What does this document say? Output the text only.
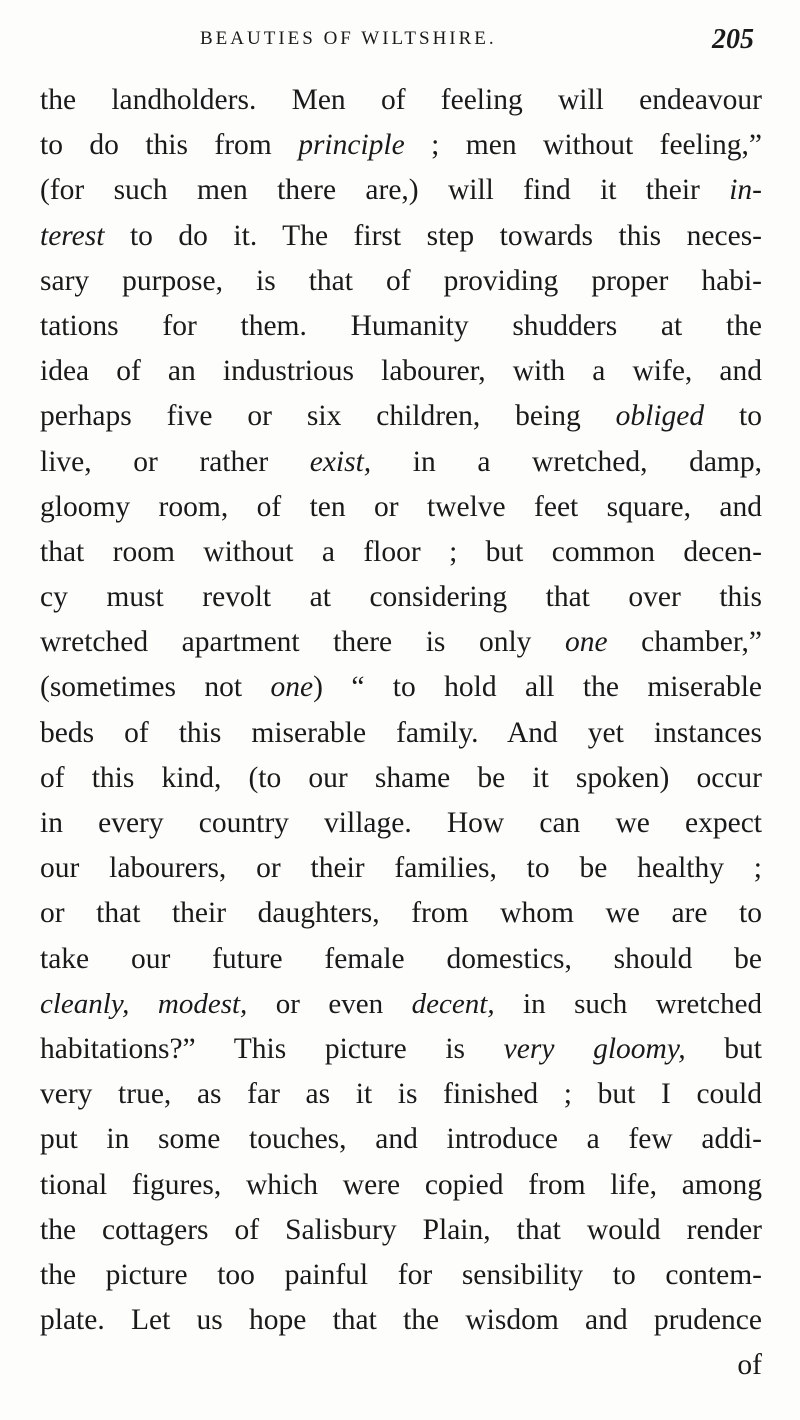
BEAUTIES OF WILTSHIRE.	205
the landholders. Men of feeling will endeavour
to do this from principle ; men without feeling,”
(for such men there are,) will find it their in-
terest to do it. The first step towards this neces-
sary purpose, is that of providing proper habi-
tations for them. Humanity shudders at the
idea of an industrious labourer, with a wife, and
perhaps five or six children, being obliged to
live, or rather exist, in a wretched, damp,
gloomy room, of ten or twelve feet square, and
that room without a floor ; but common decen-
cy must revolt at considering that over this
wretched apartment there is only one chamber,”
(sometimes not one) “ to hold all the miserable
beds of this miserable family. And yet instances
of this kind, (to our shame be it spoken) occur
in every country village. How can we expect
our labourers, or their families, to be healthy ;
or that their daughters, from whom we are to
take our future female domestics, should be
cleanly, modest, or even decent, in such wretched
habitations?” This picture is very gloomy, but
very true, as far as it is finished ; but I could
put in some touches, and introduce a few addi-
tional figures, which were copied from life, among
the cottagers of Salisbury Plain, that would render
the picture too painful for sensibility to contem-
plate. Let us hope that the wisdom and prudence
of
